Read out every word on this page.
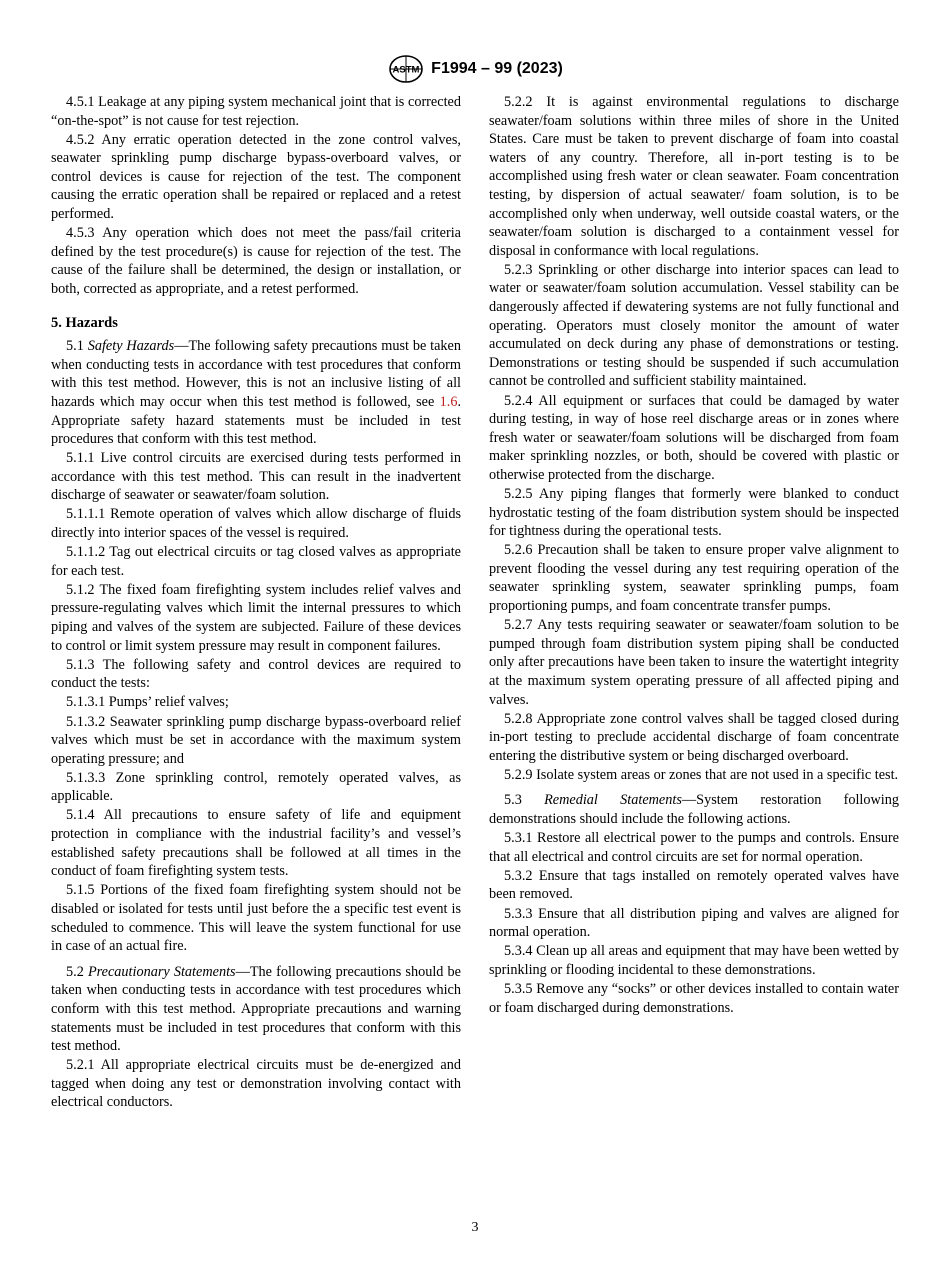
ASTM F1994 – 99 (2023)

4.5.1 Leakage at any piping system mechanical joint that is corrected “on-the-spot” is not cause for test rejection.

4.5.2 Any erratic operation detected in the zone control valves, seawater sprinkling pump discharge bypass-overboard valves, or control devices is cause for rejection of the test. The component causing the erratic operation shall be repaired or replaced and a retest performed.

4.5.3 Any operation which does not meet the pass/fail criteria defined by the test procedure(s) is cause for rejection of the test. The cause of the failure shall be determined, the design or installation, or both, corrected as appropriate, and a retest performed.

5. Hazards

5.1 Safety Hazards—The following safety precautions must be taken when conducting tests in accordance with test procedures that conform with this test method. However, this is not an inclusive listing of all hazards which may occur when this test method is followed, see 1.6. Appropriate safety hazard statements must be included in test procedures that conform with this test method.

5.1.1 Live control circuits are exercised during tests performed in accordance with this test method. This can result in the inadvertent discharge of seawater or seawater/foam solution.

5.1.1.1 Remote operation of valves which allow discharge of fluids directly into interior spaces of the vessel is required.

5.1.1.2 Tag out electrical circuits or tag closed valves as appropriate for each test.

5.1.2 The fixed foam firefighting system includes relief valves and pressure-regulating valves which limit the internal pressures to which piping and valves of the system are subjected. Failure of these devices to control or limit system pressure may result in component failures.

5.1.3 The following safety and control devices are required to conduct the tests:

5.1.3.1 Pumps’ relief valves;

5.1.3.2 Seawater sprinkling pump discharge bypass-overboard relief valves which must be set in accordance with the maximum system operating pressure; and

5.1.3.3 Zone sprinkling control, remotely operated valves, as applicable.

5.1.4 All precautions to ensure safety of life and equipment protection in compliance with the industrial facility’s and vessel’s established safety precautions shall be followed at all times in the conduct of foam firefighting system tests.

5.1.5 Portions of the fixed foam firefighting system should not be disabled or isolated for tests until just before the a specific test event is scheduled to commence. This will leave the system functional for use in case of an actual fire.

5.2 Precautionary Statements—The following precautions should be taken when conducting tests in accordance with test procedures which conform with this test method. Appropriate precautions and warning statements must be included in test procedures that conform with this test method.

5.2.1 All appropriate electrical circuits must be de-energized and tagged when doing any test or demonstration involving contact with electrical conductors.

5.2.2 It is against environmental regulations to discharge seawater/foam solutions within three miles of shore in the United States. Care must be taken to prevent discharge of foam into coastal waters of any country. Therefore, all in-port testing is to be accomplished using fresh water or clean seawater. Foam concentration testing, by dispersion of actual seawater/ foam solution, is to be accomplished only when underway, well outside coastal waters, or the seawater/foam solution is discharged to a containment vessel for disposal in conformance with local regulations.

5.2.3 Sprinkling or other discharge into interior spaces can lead to water or seawater/foam solution accumulation. Vessel stability can be dangerously affected if dewatering systems are not fully functional and operating. Operators must closely monitor the amount of water accumulated on deck during any phase of demonstrations or testing. Demonstrations or testing should be suspended if such accumulation cannot be controlled and sufficient stability maintained.

5.2.4 All equipment or surfaces that could be damaged by water during testing, in way of hose reel discharge areas or in zones where fresh water or seawater/foam solutions will be discharged from foam maker sprinkling nozzles, or both, should be covered with plastic or otherwise protected from the discharge.

5.2.5 Any piping flanges that formerly were blanked to conduct hydrostatic testing of the foam distribution system should be inspected for tightness during the operational tests.

5.2.6 Precaution shall be taken to ensure proper valve alignment to prevent flooding the vessel during any test requiring operation of the seawater sprinkling system, seawater sprinkling pumps, foam proportioning pumps, and foam concentrate transfer pumps.

5.2.7 Any tests requiring seawater or seawater/foam solution to be pumped through foam distribution system piping shall be conducted only after precautions have been taken to insure the watertight integrity at the maximum system operating pressure of all affected piping and valves.

5.2.8 Appropriate zone control valves shall be tagged closed during in-port testing to preclude accidental discharge of foam concentrate entering the distributive system or being discharged overboard.

5.2.9 Isolate system areas or zones that are not used in a specific test.

5.3 Remedial Statements—System restoration following demonstrations should include the following actions.

5.3.1 Restore all electrical power to the pumps and controls. Ensure that all electrical and control circuits are set for normal operation.

5.3.2 Ensure that tags installed on remotely operated valves have been removed.

5.3.3 Ensure that all distribution piping and valves are aligned for normal operation.

5.3.4 Clean up all areas and equipment that may have been wetted by sprinkling or flooding incidental to these demonstrations.

5.3.5 Remove any “socks” or other devices installed to contain water or foam discharged during demonstrations.

3
